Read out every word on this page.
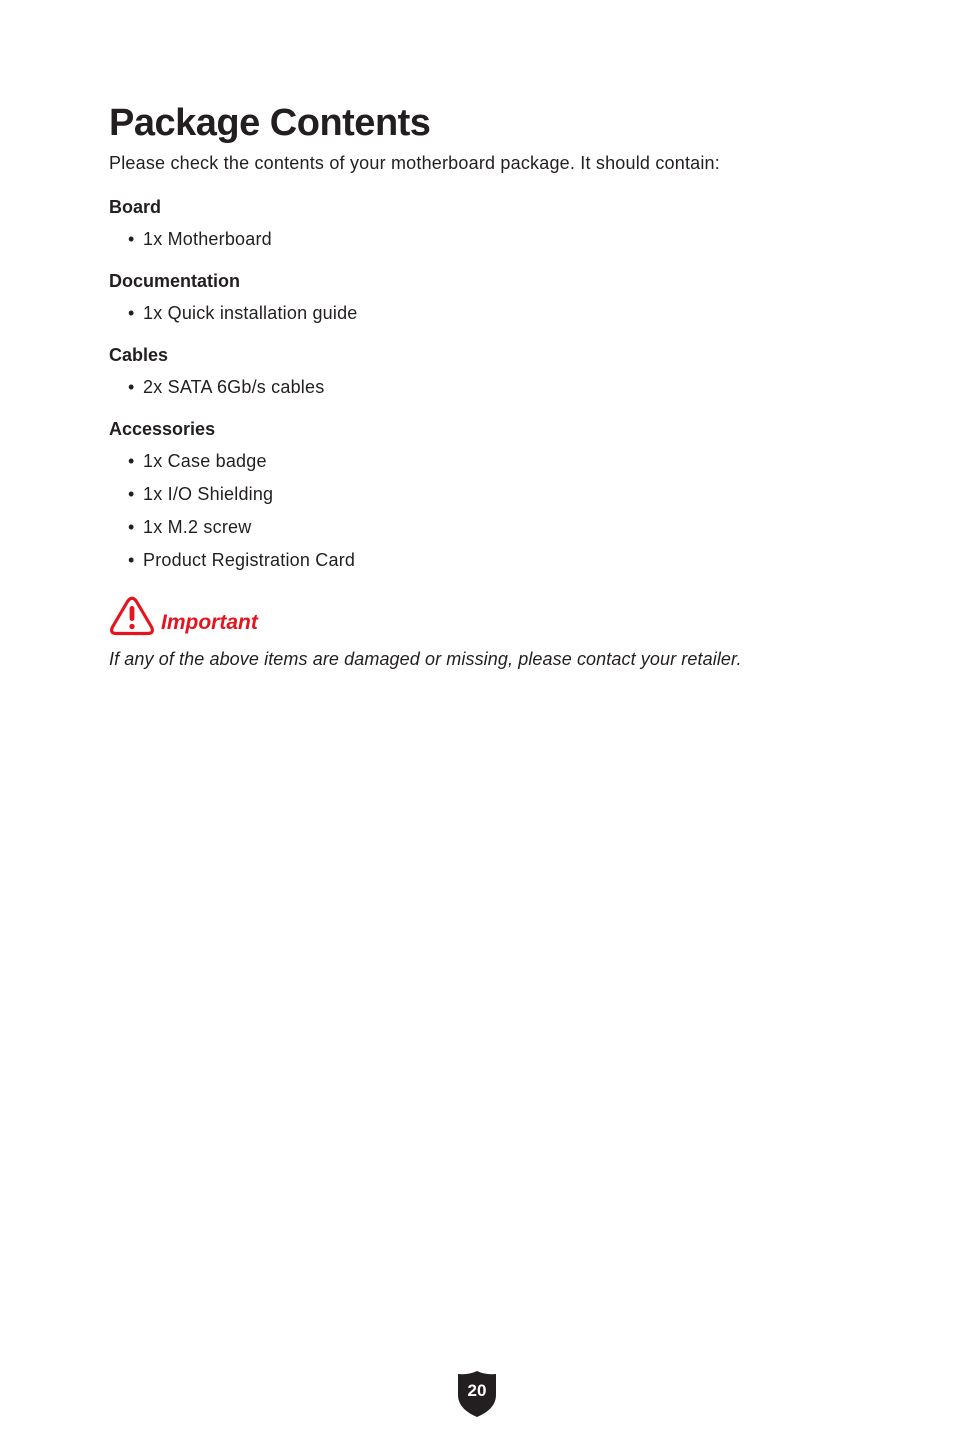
Package Contents

Please check the contents of your motherboard package. It should contain:

Board
• 1x Motherboard
Documentation
• 1x Quick installation guide
Cables
• 2x SATA 6Gb/s cables
Accessories
• 1x Case badge
• 1x I/O Shielding
• 1x M.2 screw
• Product Registration Card
Important

If any of the above items are damaged or missing, please contact your retailer.

20
